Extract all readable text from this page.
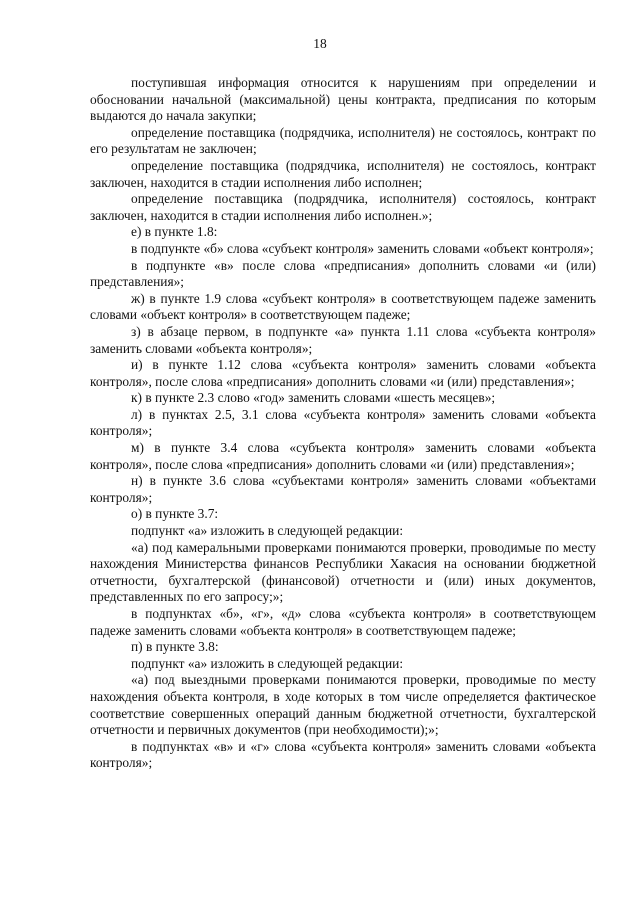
18

поступившая информация относится к нарушениям при определении и обосновании начальной (максимальной) цены контракта, предписания по которым выдаются до начала закупки;

определение поставщика (подрядчика, исполнителя) не состоялось, контракт по его результатам не заключен;

определение поставщика (подрядчика, исполнителя) не состоялось, контракт заключен, находится в стадии исполнения либо исполнен;

определение поставщика (подрядчика, исполнителя) состоялось, контракт заключен, находится в стадии исполнения либо исполнен.»;

е) в пункте 1.8:

в подпункте «б» слова «субъект контроля» заменить словами «объект контроля»;

в подпункте «в» после слова «предписания» дополнить словами «и (или) представления»;

ж) в пункте 1.9 слова «субъект контроля» в соответствующем падеже заменить словами «объект контроля» в соответствующем падеже;

з) в абзаце первом, в подпункте «а» пункта 1.11 слова «субъекта контроля» заменить словами «объекта контроля»;

и) в пункте 1.12 слова «субъекта контроля» заменить словами «объекта контроля», после слова «предписания» дополнить словами «и (или) представления»;

к) в пункте 2.3 слово «год» заменить словами «шесть месяцев»;

л) в пунктах 2.5, 3.1 слова «субъекта контроля» заменить словами «объекта контроля»;

м) в пункте 3.4 слова «субъекта контроля» заменить словами «объекта контроля», после слова «предписания» дополнить словами «и (или) представления»;

н) в пункте 3.6 слова «субъектами контроля» заменить словами «объектами контроля»;

о) в пункте 3.7:

подпункт «а» изложить в следующей редакции:

«а) под камеральными проверками понимаются проверки, проводимые по месту нахождения Министерства финансов Республики Хакасия на основании бюджетной отчетности, бухгалтерской (финансовой) отчетности и (или) иных документов, представленных по его запросу;»;

в подпунктах «б», «г», «д» слова «субъекта контроля» в соответствующем падеже заменить словами «объекта контроля» в соответствующем падеже;

п) в пункте 3.8:

подпункт «а» изложить в следующей редакции:

«а) под выездными проверками понимаются проверки, проводимые по месту нахождения объекта контроля, в ходе которых в том числе определяется фактическое соответствие совершенных операций данным бюджетной отчетности, бухгалтерской отчетности и первичных документов (при необходимости);»;

в подпунктах «в» и «г» слова «субъекта контроля» заменить словами «объекта контроля»;
